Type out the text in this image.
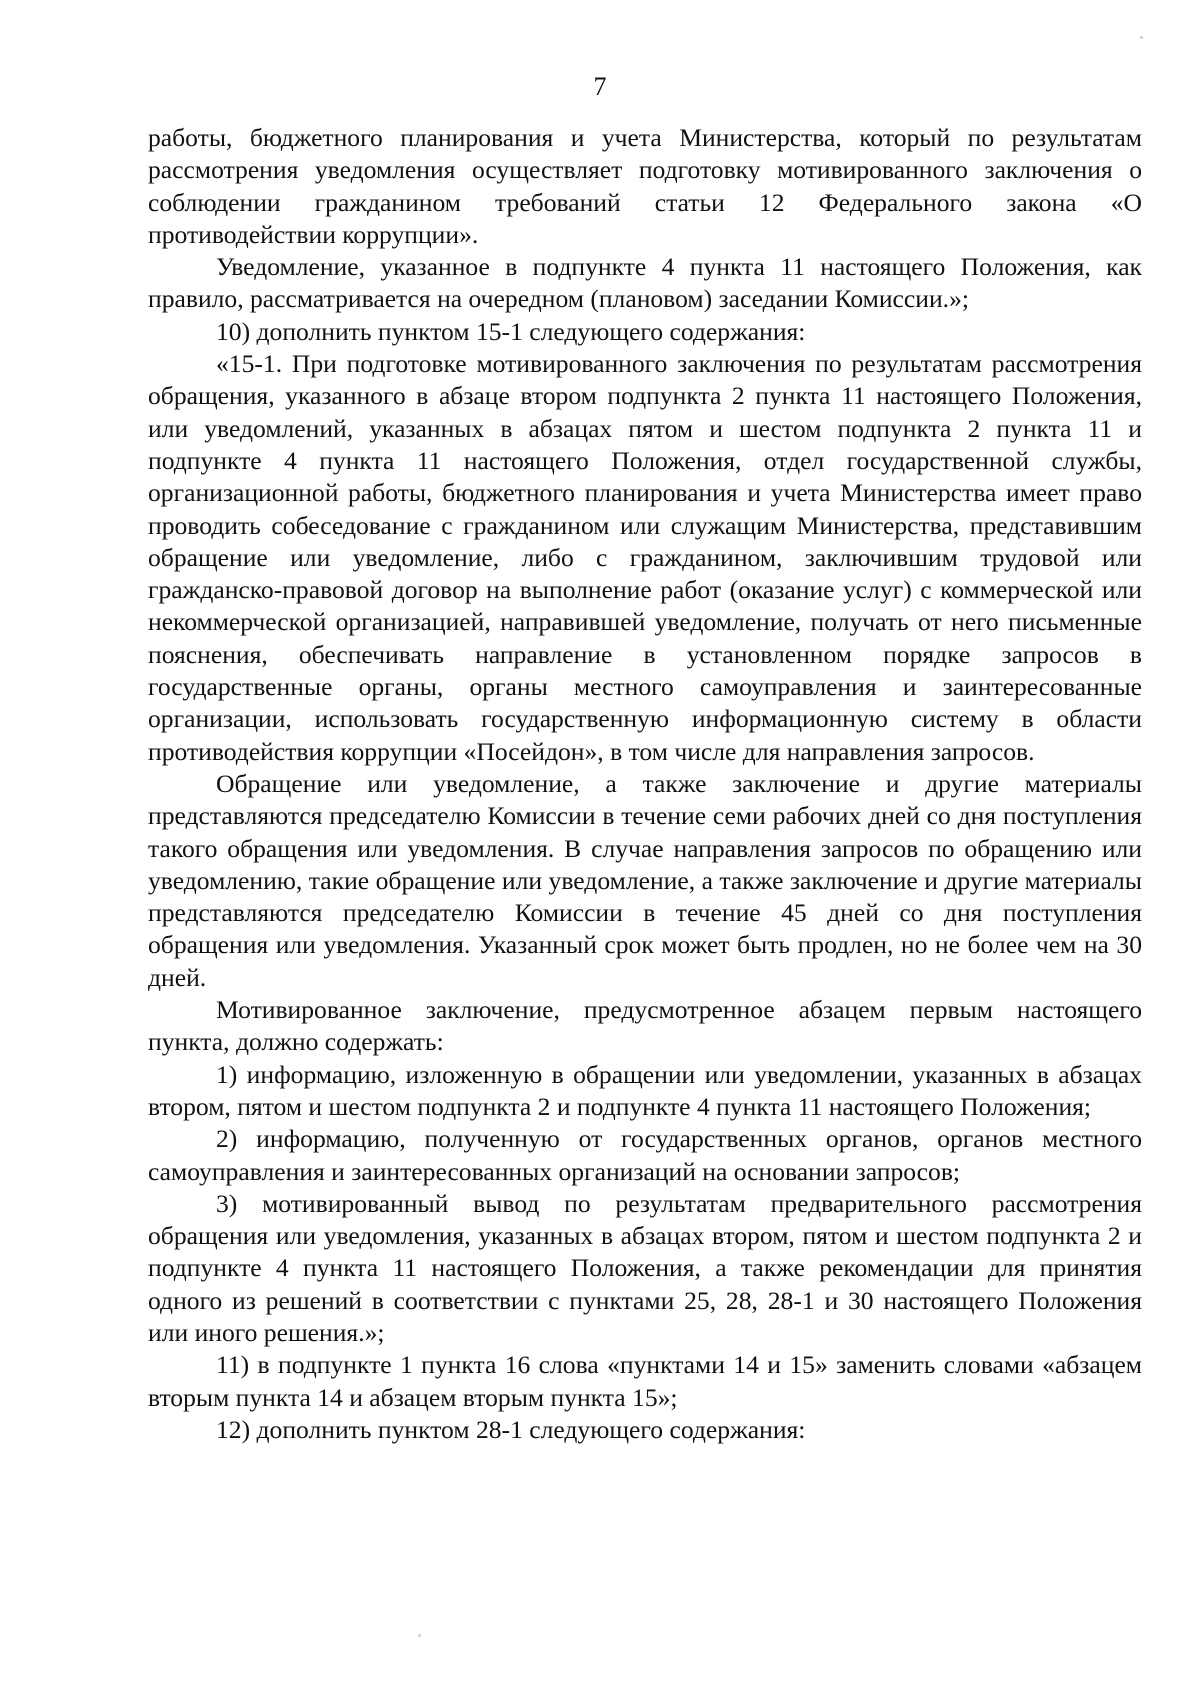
7

работы, бюджетного планирования и учета Министерства, который по результатам рассмотрения уведомления осуществляет подготовку мотивированного заключения о соблюдении гражданином требований статьи 12 Федерального закона «О противодействии коррупции».

Уведомление, указанное в подпункте 4 пункта 11 настоящего Положения, как правило, рассматривается на очередном (плановом) заседании Комиссии.»;

10) дополнить пунктом 15-1 следующего содержания:

«15-1. При подготовке мотивированного заключения по результатам рассмотрения обращения, указанного в абзаце втором подпункта 2 пункта 11 настоящего Положения, или уведомлений, указанных в абзацах пятом и шестом подпункта 2 пункта 11 и подпункте 4 пункта 11 настоящего Положения, отдел государственной службы, организационной работы, бюджетного планирования и учета Министерства имеет право проводить собеседование с гражданином или служащим Министерства, представившим обращение или уведомление, либо с гражданином, заключившим трудовой или гражданско-правовой договор на выполнение работ (оказание услуг) с коммерческой или некоммерческой организацией, направившей уведомление, получать от него письменные пояснения, обеспечивать направление в установленном порядке запросов в государственные органы, органы местного самоуправления и заинтересованные организации, использовать государственную информационную систему в области противодействия коррупции «Посейдон», в том числе для направления запросов.

Обращение или уведомление, а также заключение и другие материалы представляются председателю Комиссии в течение семи рабочих дней со дня поступления такого обращения или уведомления. В случае направления запросов по обращению или уведомлению, такие обращение или уведомление, а также заключение и другие материалы представляются председателю Комиссии в течение 45 дней со дня поступления обращения или уведомления. Указанный срок может быть продлен, но не более чем на 30 дней.

Мотивированное заключение, предусмотренное абзацем первым настоящего пункта, должно содержать:

1) информацию, изложенную в обращении или уведомлении, указанных в абзацах втором, пятом и шестом подпункта 2 и подпункте 4 пункта 11 настоящего Положения;

2) информацию, полученную от государственных органов, органов местного самоуправления и заинтересованных организаций на основании запросов;

3) мотивированный вывод по результатам предварительного рассмотрения обращения или уведомления, указанных в абзацах втором, пятом и шестом подпункта 2 и подпункте 4 пункта 11 настоящего Положения, а также рекомендации для принятия одного из решений в соответствии с пунктами 25, 28, 28-1 и 30 настоящего Положения или иного решения.»;

11) в подпункте 1 пункта 16 слова «пунктами 14 и 15» заменить словами «абзацем вторым пункта 14 и абзацем вторым пункта 15»;

12) дополнить пунктом 28-1 следующего содержания:
